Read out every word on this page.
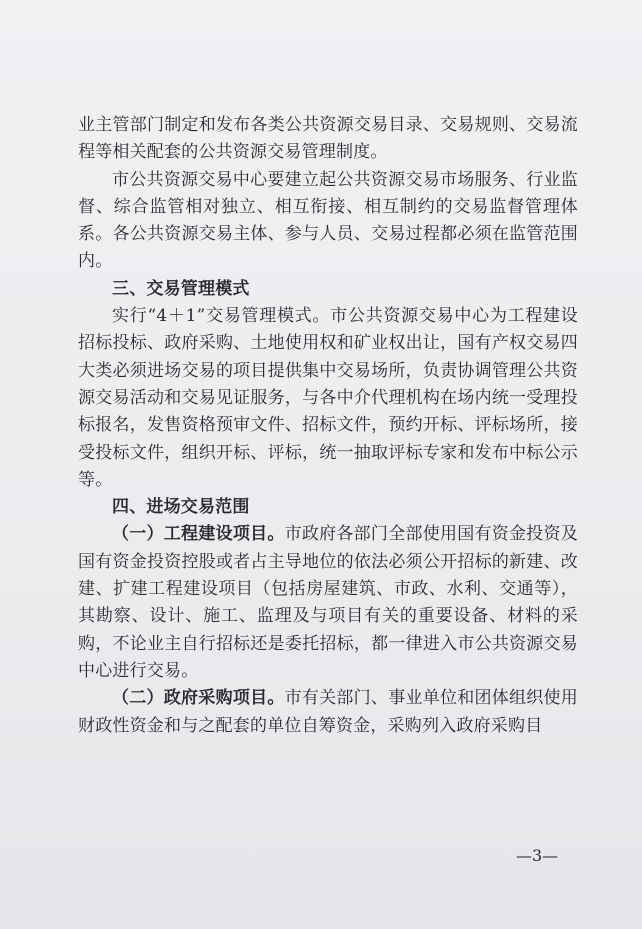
业主管部门制定和发布各类公共资源交易目录、交易规则、交易流程等相关配套的公共资源交易管理制度。

市公共资源交易中心要建立起公共资源交易市场服务、行业监督、综合监管相对独立、相互衔接、相互制约的交易监督管理体系。各公共资源交易主体、参与人员、交易过程都必须在监管范围内。

三、交易管理模式

实行“4＋1”交易管理模式。市公共资源交易中心为工程建设招标投标、政府采购、土地使用权和矿业权出让，国有产权交易四大类必须进场交易的项目提供集中交易场所，负责协调管理公共资源交易活动和交易见证服务，与各中介代理机构在场内统一受理投标报名，发售资格预审文件、招标文件，预约开标、评标场所，接受投标文件，组织开标、评标，统一抽取评标专家和发布中标公示等。

四、进场交易范围

（一）工程建设项目。市政府各部门全部使用国有资金投资及国有资金投资控股或者占主导地位的依法必须公开招标的新建、改建、扩建工程建设项目（包括房屋建筑、市政、水利、交通等），其勘察、设计、施工、监理及与项目有关的重要设备、材料的采购，不论业主自行招标还是委托招标，都一律进入市公共资源交易中心进行交易。

（二）政府采购项目。市有关部门、事业单位和团体组织使用财政性资金和与之配套的单位自筹资金，采购列入政府采购目

—3—
